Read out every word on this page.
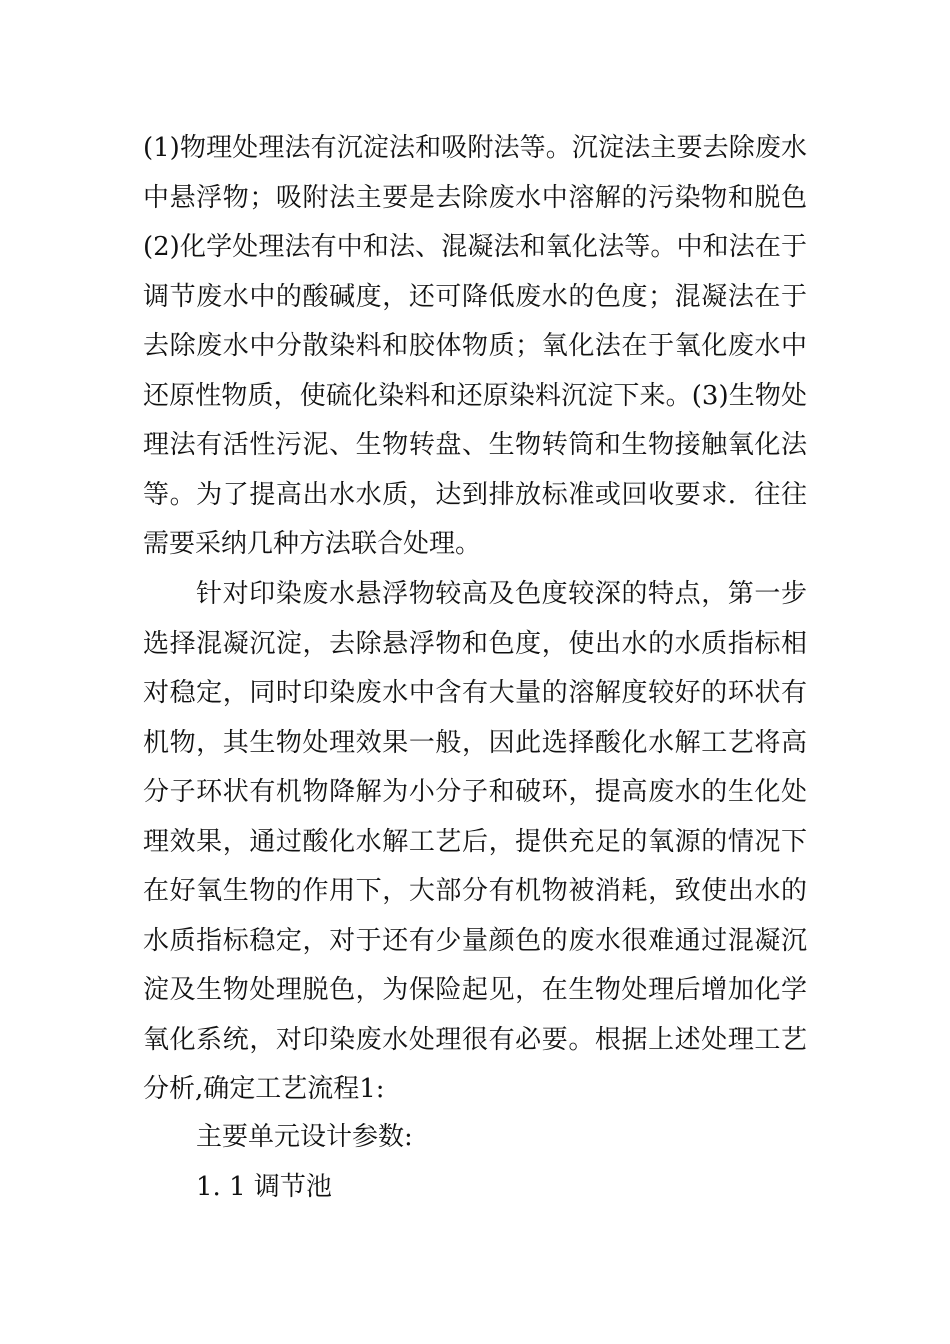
(1)物理处理法有沉淀法和吸附法等。沉淀法主要去除废水
中悬浮物；吸附法主要是去除废水中溶解的污染物和脱色
(2)化学处理法有中和法、混凝法和氧化法等。中和法在于
调节废水中的酸碱度，还可降低废水的色度；混凝法在于
去除废水中分散染料和胶体物质；氧化法在于氧化废水中
还原性物质，使硫化染料和还原染料沉淀下来。(3)生物处
理法有活性污泥、生物转盘、生物转筒和生物接触氧化法
等。为了提高出水水质，达到排放标准或回收要求．往往
需要采纳几种方法联合处理。
针对印染废水悬浮物较高及色度较深的特点，第一步
选择混凝沉淀，去除悬浮物和色度，使出水的水质指标相
对稳定，同时印染废水中含有大量的溶解度较好的环状有
机物，其生物处理效果一般，因此选择酸化水解工艺将高
分子环状有机物降解为小分子和破环，提高废水的生化处
理效果，通过酸化水解工艺后，提供充足的氧源的情况下
在好氧生物的作用下，大部分有机物被消耗，致使出水的
水质指标稳定，对于还有少量颜色的废水很难通过混凝沉
淀及生物处理脱色，为保险起见，在生物处理后增加化学
氧化系统，对印染废水处理很有必要。根据上述处理工艺
分析,确定工艺流程1:
主要单元设计参数:
1. 1 调节池
